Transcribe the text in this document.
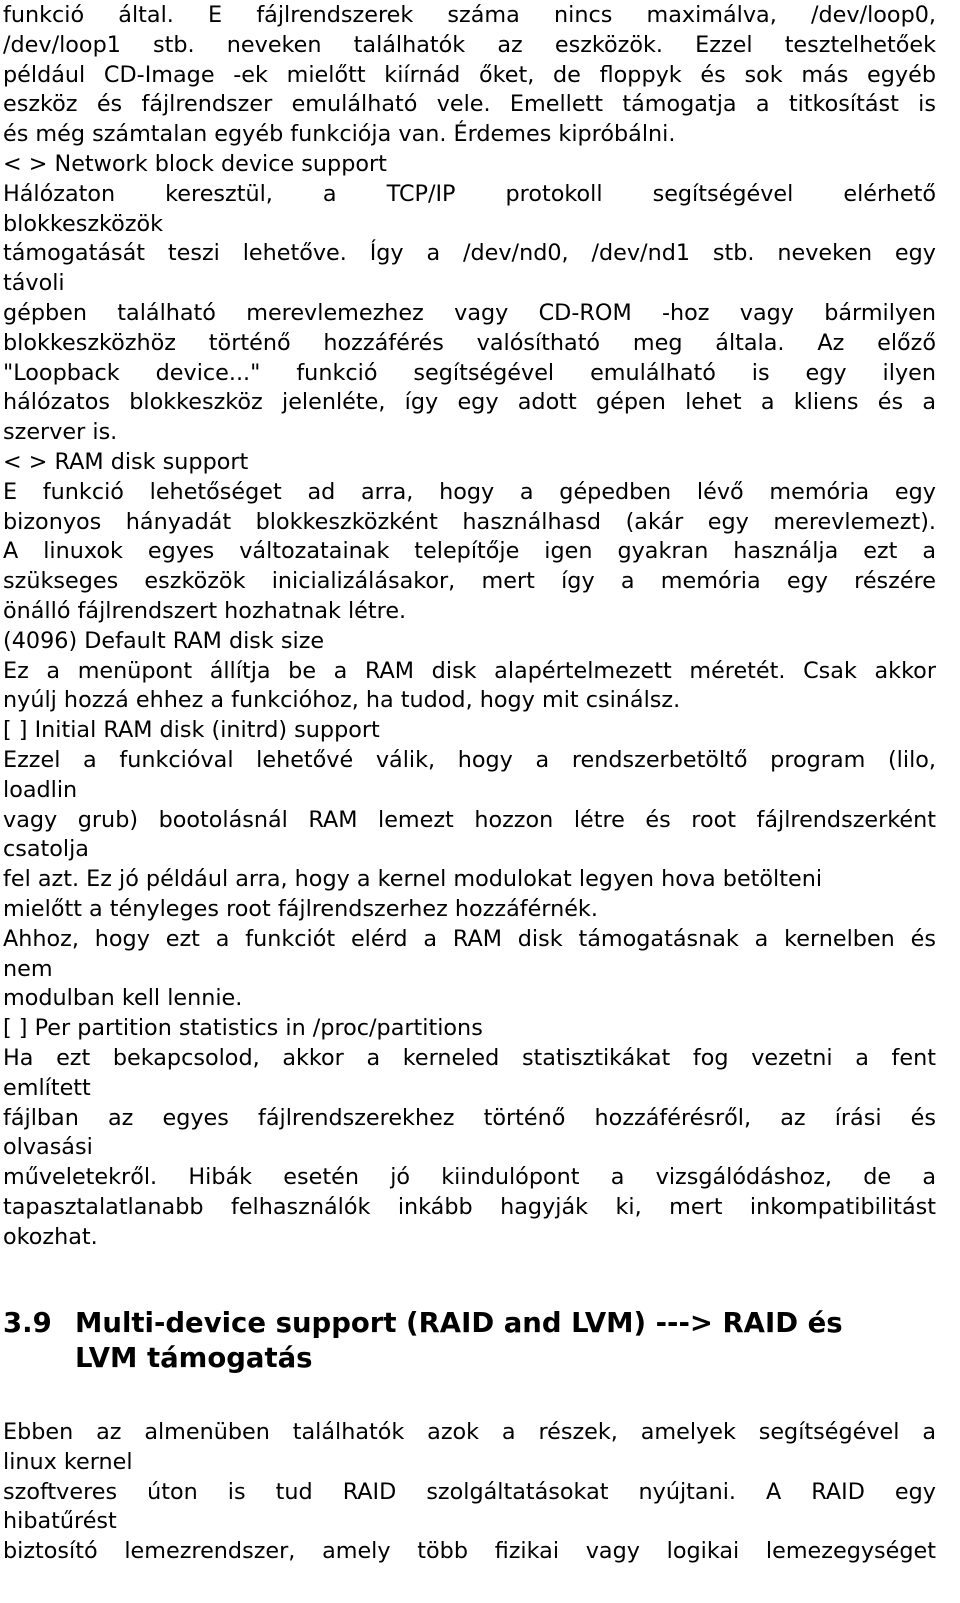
funkció által. E fájlrendszerek száma nincs maximálva, /dev/loop0,
/dev/loop1 stb. neveken találhatók az eszközök. Ezzel tesztelhetőek
például CD-Image -ek mielőtt kiírnád őket, de floppyk és sok más egyéb
eszköz és fájlrendszer emulálható vele. Emellett támogatja a titkosítást is
és még számtalan egyéb funkciója van. Érdemes kipróbálni.
< > Network block device support
Hálózaton keresztül, a TCP/IP protokoll segítségével elérhető
blokkeszközök
támogatását teszi lehetőve. Így a /dev/nd0, /dev/nd1 stb. neveken egy
távoli
gépben található merevlemezhez vagy CD-ROM -hoz vagy bármilyen
blokkeszközhöz történő hozzáférés valósítható meg általa. Az előző
"Loopback device..." funkció segítségével emulálható is egy ilyen
hálózatos blokkeszköz jelenléte, így egy adott gépen lehet a kliens és a
szerver is.
< > RAM disk support
E funkció lehetőséget ad arra, hogy a gépedben lévő memória egy
bizonyos hányadát blokkeszközként használhasd (akár egy merevlemezt).
A linuxok egyes változatainak telepítője igen gyakran használja ezt a
szükseges eszközök inicializálásakor, mert így a memória egy részére
önálló fájlrendszert hozhatnak létre.
(4096) Default RAM disk size
Ez a menüpont állítja be a RAM disk alapértelmezett méretét. Csak akkor
nyúlj hozzá ehhez a funkcióhoz, ha tudod, hogy mit csinálsz.
[ ] Initial RAM disk (initrd) support
Ezzel a funkcióval lehetővé válik, hogy a rendszerbetöltő program (lilo,
loadlin
vagy grub) bootolásnál RAM lemezt hozzon létre és root fájlrendszerként
csatolja
fel azt. Ez jó például arra, hogy a kernel modulokat legyen hova betölteni
mielőtt a tényleges root fájlrendszerhez hozzáférnék.
Ahhoz, hogy ezt a funkciót elérd a RAM disk támogatásnak a kernelben és
nem
modulban kell lennie.
[ ] Per partition statistics in /proc/partitions
Ha ezt bekapcsolod, akkor a kerneled statisztikákat fog vezetni a fent
említett
fájlban az egyes fájlrendszerekhez történő hozzáférésről, az írási és
olvasási
műveletekről. Hibák esetén jó kiindulópont a vizsgálódáshoz, de a
tapasztalatlanabb felhasználók inkább hagyják ki, mert inkompatibilitást
okozhat.
3.9 Multi-device support (RAID and LVM) ---> RAID és
LVM támogatás
Ebben az almenüben találhatók azok a részek, amelyek segítségével a
linux kernel
szoftveres úton is tud RAID szolgáltatásokat nyújtani. A RAID egy
hibatűrést
biztosító lemezrendszer, amely több fizikai vagy logikai lemezegységet
